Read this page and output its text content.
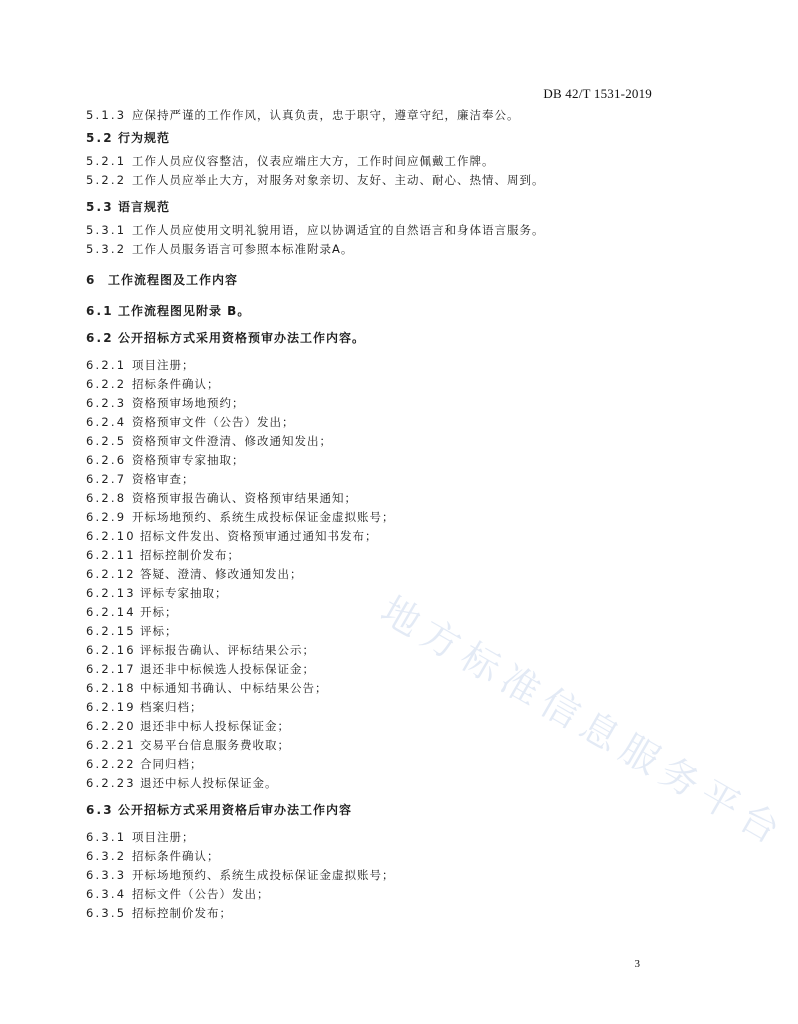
DB 42/T 1531-2019
5.1.3 应保持严谨的工作作风，认真负责，忠于职守，遵章守纪，廉洁奉公。
5.2 行为规范
5.2.1 工作人员应仪容整洁，仪表应端庄大方，工作时间应佩戴工作牌。
5.2.2 工作人员应举止大方，对服务对象亲切、友好、主动、耐心、热情、周到。
5.3 语言规范
5.3.1 工作人员应使用文明礼貌用语，应以协调适宜的自然语言和身体语言服务。
5.3.2 工作人员服务语言可参照本标准附录A。
6 工作流程图及工作内容
6.1 工作流程图见附录 B。
6.2 公开招标方式采用资格预审办法工作内容。
6.2.1 项目注册；
6.2.2 招标条件确认；
6.2.3 资格预审场地预约；
6.2.4 资格预审文件（公告）发出；
6.2.5 资格预审文件澄清、修改通知发出；
6.2.6 资格预审专家抽取；
6.2.7 资格审查；
6.2.8 资格预审报告确认、资格预审结果通知；
6.2.9 开标场地预约、系统生成投标保证金虚拟账号；
6.2.10 招标文件发出、资格预审通过通知书发布；
6.2.11 招标控制价发布；
6.2.12 答疑、澄清、修改通知发出；
6.2.13 评标专家抽取；
6.2.14 开标；
6.2.15 评标；
6.2.16 评标报告确认、评标结果公示；
6.2.17 退还非中标候选人投标保证金；
6.2.18 中标通知书确认、中标结果公告；
6.2.19 档案归档；
6.2.20 退还非中标人投标保证金；
6.2.21 交易平台信息服务费收取；
6.2.22 合同归档；
6.2.23 退还中标人投标保证金。
6.3 公开招标方式采用资格后审办法工作内容
6.3.1 项目注册；
6.3.2 招标条件确认；
6.3.3 开标场地预约、系统生成投标保证金虚拟账号；
6.3.4 招标文件（公告）发出；
6.3.5 招标控制价发布；
地方标准信息服务平台
3
